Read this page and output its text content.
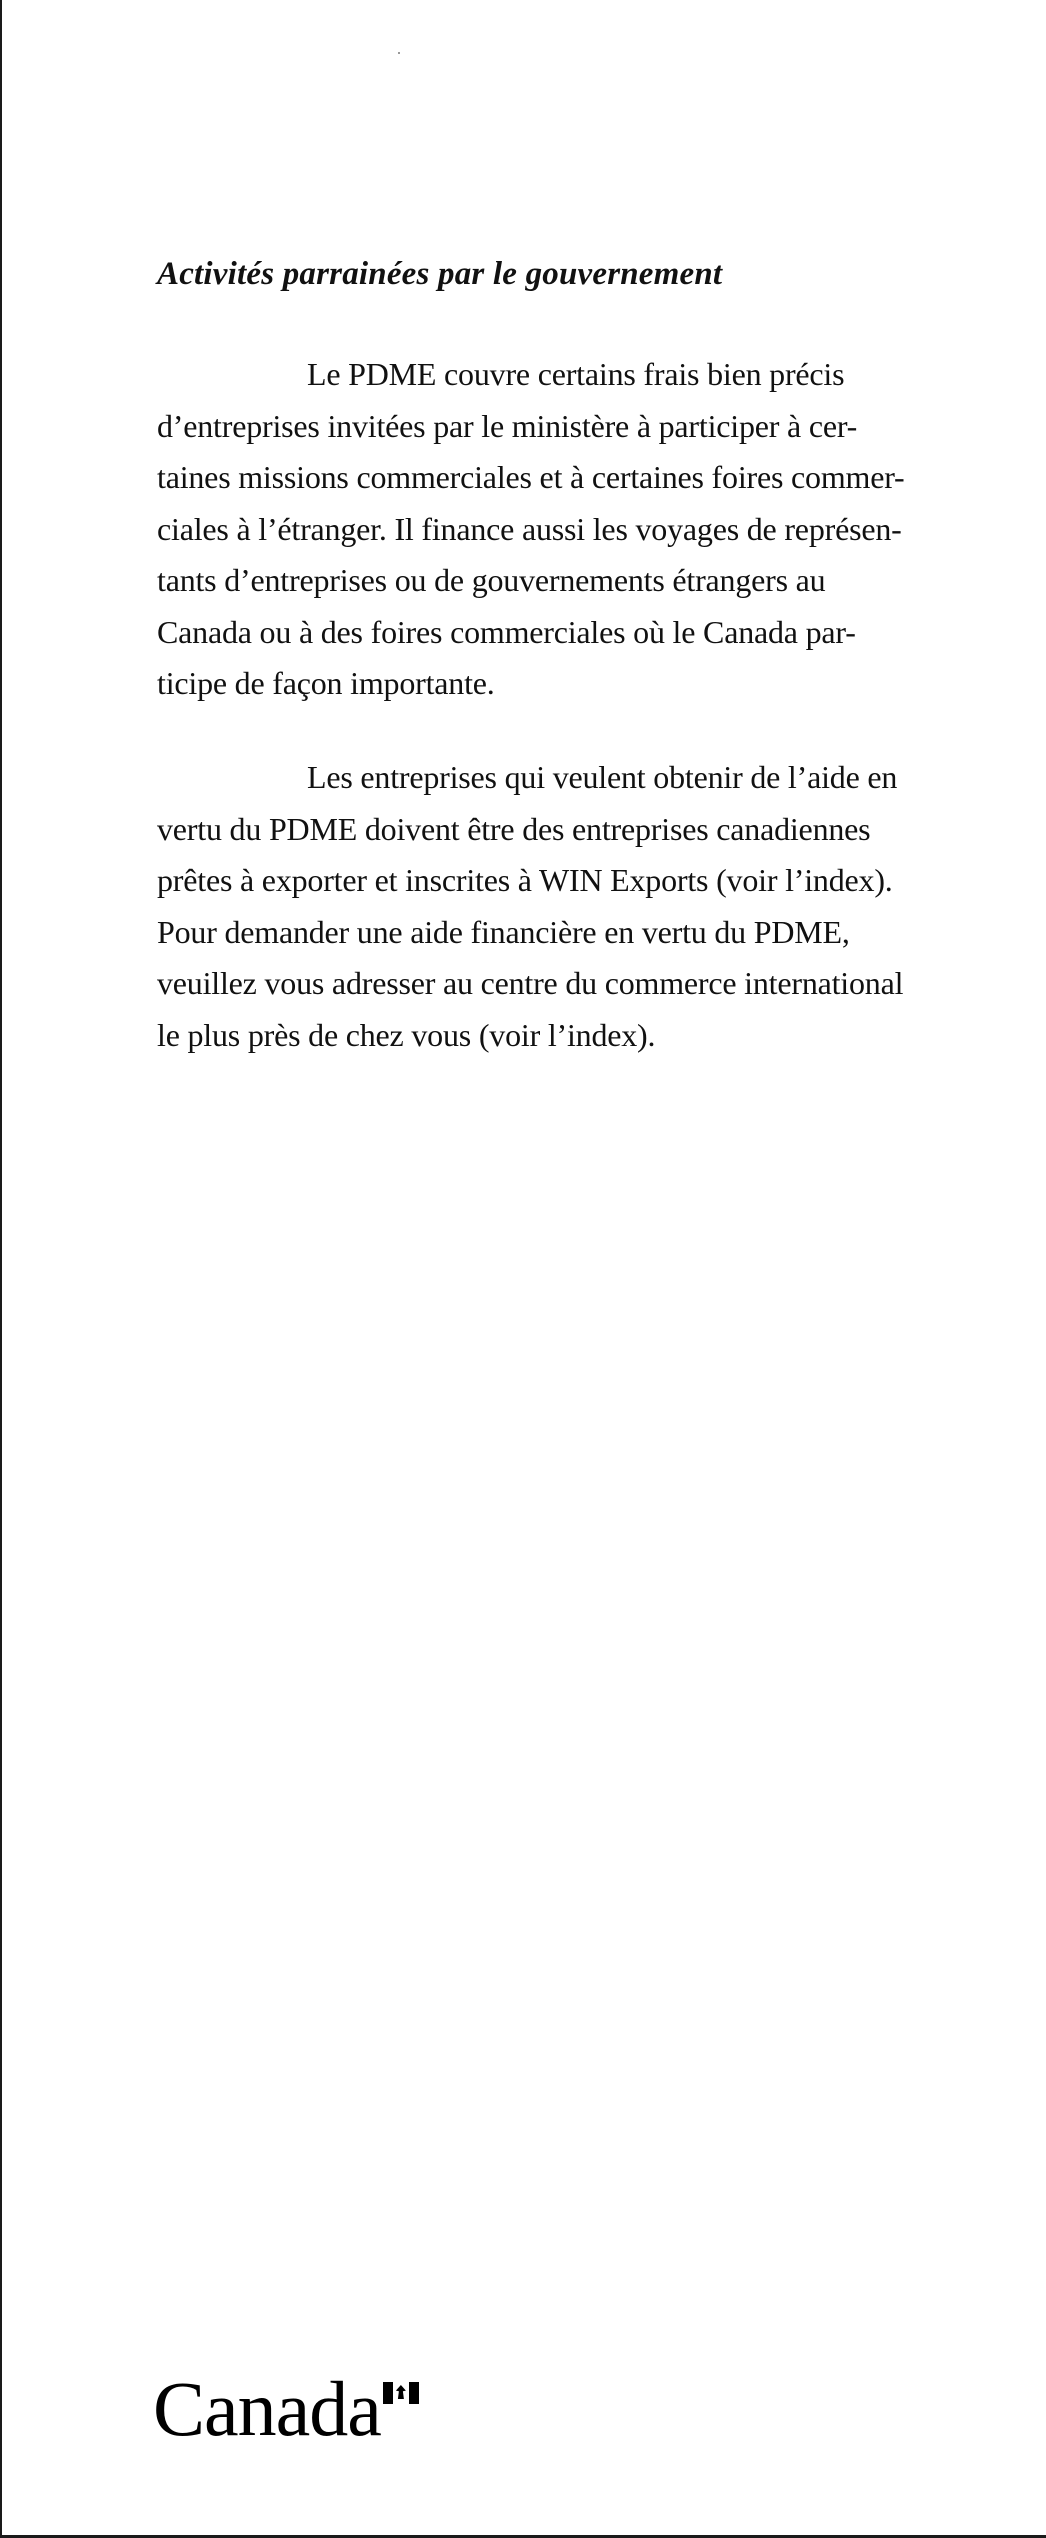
Activités parrainées par le gouvernement

Le PDME couvre certains frais bien précis
d’entreprises invitées par le ministère à participer à cer-
taines missions commerciales et à certaines foires commer-
ciales à l’étranger. Il finance aussi les voyages de représen-
tants d’entreprises ou de gouvernements étrangers au
Canada ou à des foires commerciales où le Canada par-
ticipe de façon importante.

Les entreprises qui veulent obtenir de l’aide en
vertu du PDME doivent être des entreprises canadiennes
prêtes à exporter et inscrites à WIN Exports (voir l’index).
Pour demander une aide financière en vertu du PDME,
veuillez vous adresser au centre du commerce international
le plus près de chez vous (voir l’index).

Canada
